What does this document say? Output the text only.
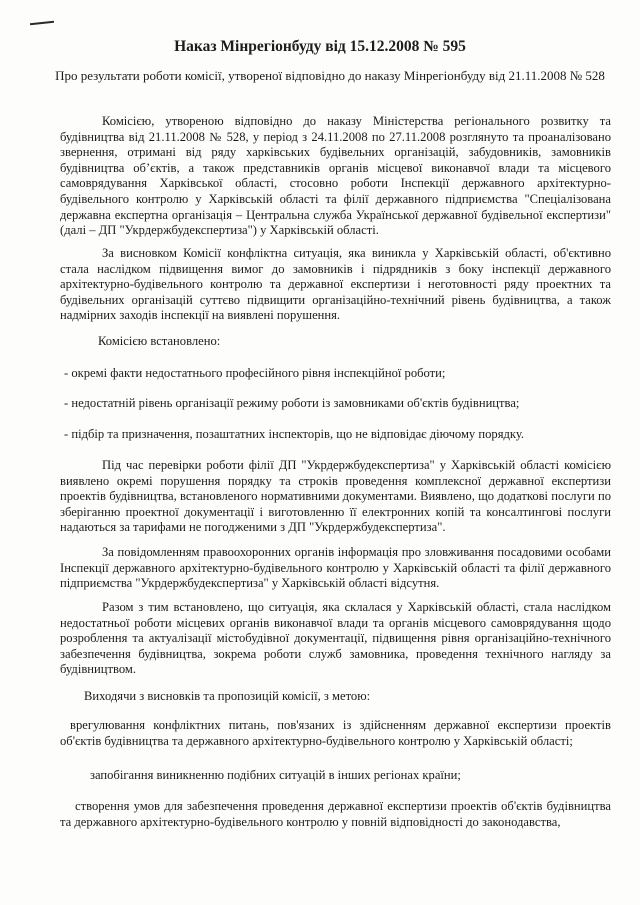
Наказ Мінрегіонбуду від 15.12.2008 № 595
Про результати роботи комісії, утвореної відповідно до наказу Мінрегіонбуду від 21.11.2008 № 528

Комісією, утвореною відповідно до наказу Міністерства регіонального розвитку та будівництва від 21.11.2008 № 528, у період з 24.11.2008 по 27.11.2008 розглянуто та проаналізовано звернення, отримані від ряду харківських будівельних організацій, забудовників, замовників будівництва об’єктів, а також представників органів місцевої виконавчої влади та місцевого самоврядування Харківської області, стосовно роботи Інспекції державного архітектурно-будівельного контролю у Харківській області та філії державного підприємства "Спеціалізована державна експертна організація – Центральна служба Української державної будівельної експертизи" (далі – ДП "Укрдержбудекспертиза") у Харківській області.

За висновком Комісії конфліктна ситуація, яка виникла у Харківській області, об'єктивно стала наслідком підвищення вимог до замовників і підрядників з боку інспекції державного архітектурно-будівельного контролю та державної експертизи і неготовності ряду проектних та будівельних організацій суттєво підвищити організаційно-технічний рівень будівництва, а також надмірних заходів інспекції на виявлені порушення.

Комісією встановлено:

- окремі факти недостатнього професійного рівня інспекційної роботи;

- недостатній рівень організації режиму роботи із замовниками об'єктів будівництва;

- підбір та призначення, позаштатних інспекторів, що не відповідає діючому порядку.

Під час перевірки роботи філії ДП "Укрдержбудекспертиза" у Харківській області комісією виявлено окремі порушення порядку та строків проведення комплексної державної експертизи проектів будівництва, встановленого нормативними документами. Виявлено, що додаткові послуги по зберіганню проектної документації і виготовленню її електронних копій та консалтингові послуги надаються за тарифами не погодженими з ДП "Укрдержбудекспертиза".

За повідомленням правоохоронних органів інформація про зловживання посадовими особами Інспекції державного архітектурно-будівельного контролю у Харківській області та філії державного підприємства "Укрдержбудекспертиза" у Харківській області відсутня.

Разом з тим встановлено, що ситуація, яка склалася у Харківській області, стала наслідком недостатньої роботи місцевих органів виконавчої влади та органів місцевого самоврядування щодо розроблення та актуалізації містобудівної документації, підвищення рівня організаційно-технічного забезпечення будівництва, зокрема роботи служб замовника, проведення технічного нагляду за будівництвом.

Виходячи з висновків та пропозицій комісії, з метою:

врегулювання конфліктних питань, пов'язаних із здійсненням державної експертизи проектів об'єктів будівництва та державного архітектурно-будівельного контролю у Харківській області;

запобігання виникненню подібних ситуацій в інших регіонах країни;

створення умов для забезпечення проведення державної експертизи проектів об'єктів будівництва та державного архітектурно-будівельного контролю у повній відповідності до законодавства,
